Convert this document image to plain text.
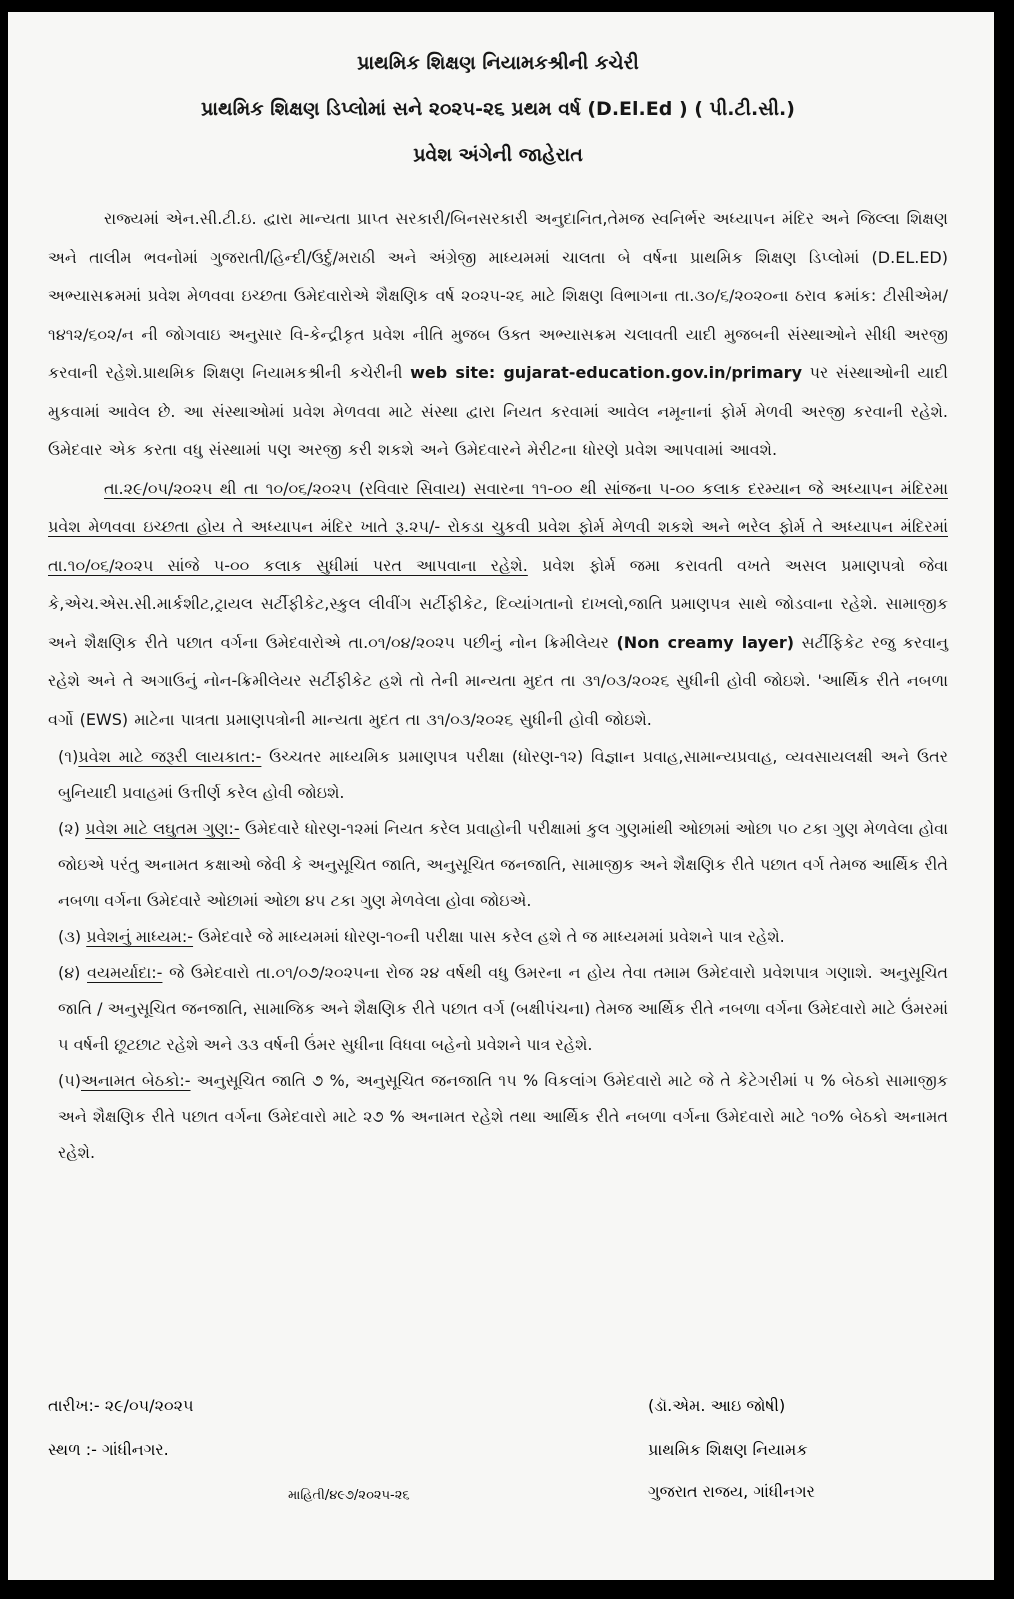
પ્રાથમિક શિક્ષણ નિયામકશ્રીની કચેરી
પ્રાથમિક શિક્ષણ ડિપ્લોમાં સને ૨૦૨૫-૨૬ પ્રથમ વર્ષ (D.El.Ed ) ( પી.ટી.સી.)
પ્રવેશ અંગેની જાહેરાત

રાજ્યમાં એન.સી.ટી.ઇ. દ્વારા માન્યતા પ્રાપ્ત સરકારી/બિનસરકારી અનુદાનિત,તેમજ સ્વનિર્ભર અધ્યાપન મંદિર અને જિલ્લા શિક્ષણ અને તાલીમ ભવનોમાં ગુજરાતી/હિન્દી/ઉર્દુ/મરાઠી અને અંગ્રેજી માધ્યમમાં ચાલતા બે વર્ષના પ્રાથમિક શિક્ષણ ડિપ્લોમાં (D.EL.ED) અભ્યાસક્રમમાં પ્રવેશ મેળવવા ઇચ્છતા ઉમેદવારોએ શૈક્ષણિક વર્ષ ૨૦૨૫-૨૬ માટે શિક્ષણ વિભાગના તા.૩૦/૬/૨૦૨૦ના ઠરાવ ક્રમાંક: ટીસીએમ/૧૪૧૨/૬૦૨/ન ની જોગવાઇ અનુસાર વિ-કેન્દ્રીકૃત પ્રવેશ નીતિ મુજબ ઉક્ત અભ્યાસક્રમ ચલાવતી યાદી મુજબની સંસ્થાઓને સીધી અરજી કરવાની રહેશે.પ્રાથમિક શિક્ષણ નિયામકશ્રીની કચેરીની web site: gujarat-education.gov.in/primary પર સંસ્થાઓની યાદી મુકવામાં આવેલ છે. આ સંસ્થાઓમાં પ્રવેશ મેળવવા માટે સંસ્થા દ્વારા નિયત કરવામાં આવેલ નમૂનાનાં ફોર્મ મેળવી અરજી કરવાની રહેશે. ઉમેદવાર એક કરતા વધુ સંસ્થામાં પણ અરજી કરી શકશે અને ઉમેદવારને મેરીટના ધોરણે પ્રવેશ આપવામાં આવશે.

તા.૨૯/૦૫/૨૦૨૫ થી તા ૧૦/૦૬/૨૦૨૫ (રવિવાર સિવાય) સવારના ૧૧-૦૦ થી સાંજના ૫-૦૦ કલાક દરમ્યાન જે અધ્યાપન મંદિરમા પ્રવેશ મેળવવા ઇચ્છતા હોય તે અધ્યાપન મંદિર ખાતે રૂ.૨૫/- રોકડા ચુકવી પ્રવેશ ફોર્મ મેળવી શકશે અને ભરેલ ફોર્મ તે અધ્યાપન મંદિરમાં તા.૧૦/૦૬/૨૦૨૫ સાંજે ૫-૦૦ કલાક સુધીમાં પરત આપવાના રહેશે. પ્રવેશ ફોર્મ જમા કરાવતી વખતે અસલ પ્રમાણપત્રો જેવા કે,એચ.એસ.સી.માર્કશીટ,ટ્રાયલ સર્ટીફીકેટ,સ્કુલ લીવીંગ સર્ટીફીકેટ, દિવ્યાંગતાનો દાખલો,જાતિ પ્રમાણપત્ર સાથે જોડવાના રહેશે. સામાજીક અને શૈક્ષણિક રીતે પછાત વર્ગના ઉમેદવારોએ તા.૦૧/૦૪/૨૦૨૫ પછીનું નોન ક્રિમીલેયર (Non creamy layer) સર્ટીફિકેટ રજુ કરવાનુ રહેશે અને તે અગાઉનું નોન-ક્રિમીલેયર સર્ટીફીકેટ હશે તો તેની માન્યતા મુદત તા ૩૧/૦૩/૨૦૨૬ સુધીની હોવી જોઇશે. 'આર્થિક રીતે નબળા વર્ગો (EWS) માટેના પાત્રતા પ્રમાણપત્રોની માન્યતા મુદત તા ૩૧/૦૩/૨૦૨૬ સુધીની હોવી જોઇશે.

(૧)પ્રવેશ માટે જરૂરી લાયકાત:- ઉચ્ચતર માધ્યમિક પ્રમાણપત્ર પરીક્ષા (ધોરણ-૧૨) વિજ્ઞાન પ્રવાહ,સામાન્યપ્રવાહ, વ્યવસાયલક્ષી અને ઉતર બુનિયાદી પ્રવાહમાં ઉત્તીર્ણ કરેલ હોવી જોઇશે.

(૨) પ્રવેશ માટે લઘુતમ ગુણ:- ઉમેદવારે ધોરણ-૧૨માં નિયત કરેલ પ્રવાહોની પરીક્ષામાં કુલ ગુણમાંથી ઓછામાં ઓછા ૫૦ ટકા ગુણ મેળવેલા હોવા જોઇએ પરંતુ અનામત કક્ષાઓ જેવી કે અનુસૂચિત જાતિ, અનુસૂચિત જનજાતિ, સામાજીક અને શૈક્ષણિક રીતે પછાત વર્ગ તેમજ આર્થિક રીતે નબળા વર્ગના ઉમેદવારે ઓછામાં ઓછા ૪૫ ટકા ગુણ મેળવેલા હોવા જોઇએ.

(૩) પ્રવેશનું માધ્યમ:- ઉમેદવારે જે માધ્યમમાં ધોરણ-૧૦ની પરીક્ષા પાસ કરેલ હશે તે જ માધ્યમમાં પ્રવેશને પાત્ર રહેશે.

(૪) વયમર્યાદા:- જે ઉમેદવારો તા.૦૧/૦૭/૨૦૨૫ના રોજ ૨૪ વર્ષથી વધુ ઉમરના ન હોય તેવા તમામ ઉમેદવારો પ્રવેશપાત્ર ગણાશે. અનુસૂચિત જાતિ / અનુસૂચિત જનજાતિ, સામાજિક અને શૈક્ષણિક રીતે પછાત વર્ગ (બક્ષીપંચના) તેમજ આર્થિક રીતે નબળા વર્ગના ઉમેદવારો માટે ઉંમરમાં ૫ વર્ષની છૂટછાટ રહેશે અને ૩૩ વર્ષની ઉંમર સુધીના વિધવા બહેનો પ્રવેશને પાત્ર રહેશે.

(૫)અનામત બેઠકો:- અનુસૂચિત જાતિ ૭ %, અનુસૂચિત જનજાતિ ૧૫ % વિકલાંગ ઉમેદવારો માટે જે તે કેટેગરીમાં ૫ % બેઠકો સામાજીક અને શૈક્ષણિક રીતે પછાત વર્ગના ઉમેદવારો માટે ૨૭ % અનામત રહેશે તથા આર્થિક રીતે નબળા વર્ગના ઉમેદવારો માટે ૧૦% બેઠકો અનામત રહેશે.

તારીખ:- ૨૯/૦૫/૨૦૨૫
સ્થળ :- ગાંધીનગર.
માહિતી/૪૯૭/૨૦૨૫-૨૬
(ડૉ.એમ. આઇ જોષી)
પ્રાથમિક શિક્ષણ નિયામક
ગુજરાત રાજય, ગાંધીનગર
